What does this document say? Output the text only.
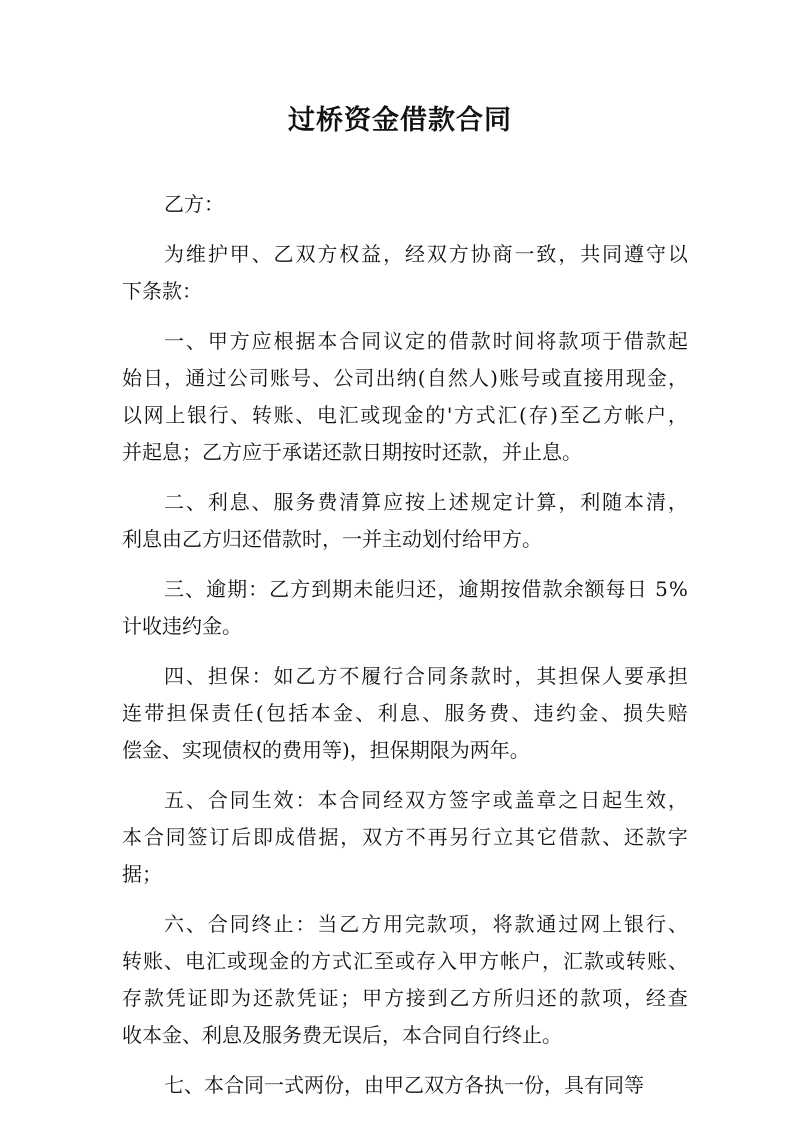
过桥资金借款合同
乙方：
为 维 护 甲 、 乙 双 方 权 益 ， 经 双 方 协 商 一 致 ， 共 同 遵 守 以
下条款：
一 、 甲 方 应 根 据 本 合 同 议 定 的 借 款 时 间 将 款 项 于 借 款 起
始 日 ， 通 过 公 司 账 号 、 公 司 出 纳 ( 自 然 人 ) 账 号 或 直 接 用 现 金 ，
以 网 上 银 行 、 转 账 、 电 汇 或 现 金 的 ' 方 式 汇 ( 存 ) 至 乙 方 帐 户 ，
并起息；乙方应于承诺还款日期按时还款，并止息。
二 、 利 息 、 服 务 费 清 算 应 按 上 述 规 定 计 算 ， 利 随 本 清 ，
利息由乙方归还借款时，一并主动划付给甲方。
三 、 逾 期 ： 乙 方 到 期 未 能 归 还 ， 逾 期 按 借 款 余 额 每 日
5 %
计收违约金。
四 、 担 保 ： 如 乙 方 不 履 行 合 同 条 款 时 ， 其 担 保 人 要 承 担
连 带 担 保 责 任 ( 包 括 本 金 、 利 息 、 服 务 费 、 违 约 金 、 损 失 赔
偿金、实现债权的费用等)，担保期限为两年。
五 、 合 同 生 效 ： 本 合 同 经 双 方 签 字 或 盖 章 之 日 起 生 效 ，
本 合 同 签 订 后 即 成 借 据 ， 双 方 不 再 另 行 立 其 它 借 款 、 还 款 字
据；
六 、 合 同 终 止 ： 当 乙 方 用 完 款 项 ， 将 款 通 过 网 上 银 行 、
转 账 、 电 汇 或 现 金 的 方 式 汇 至 或 存 入 甲 方 帐 户 ， 汇 款 或 转 账 、
存 款 凭 证 即 为 还 款 凭 证 ； 甲 方 接 到 乙 方 所 归 还 的 款 项 ， 经 查
收本金、利息及服务费无误后，本合同自行终止。
七、本合同一式两份，由甲乙双方各执一份，具有同等
